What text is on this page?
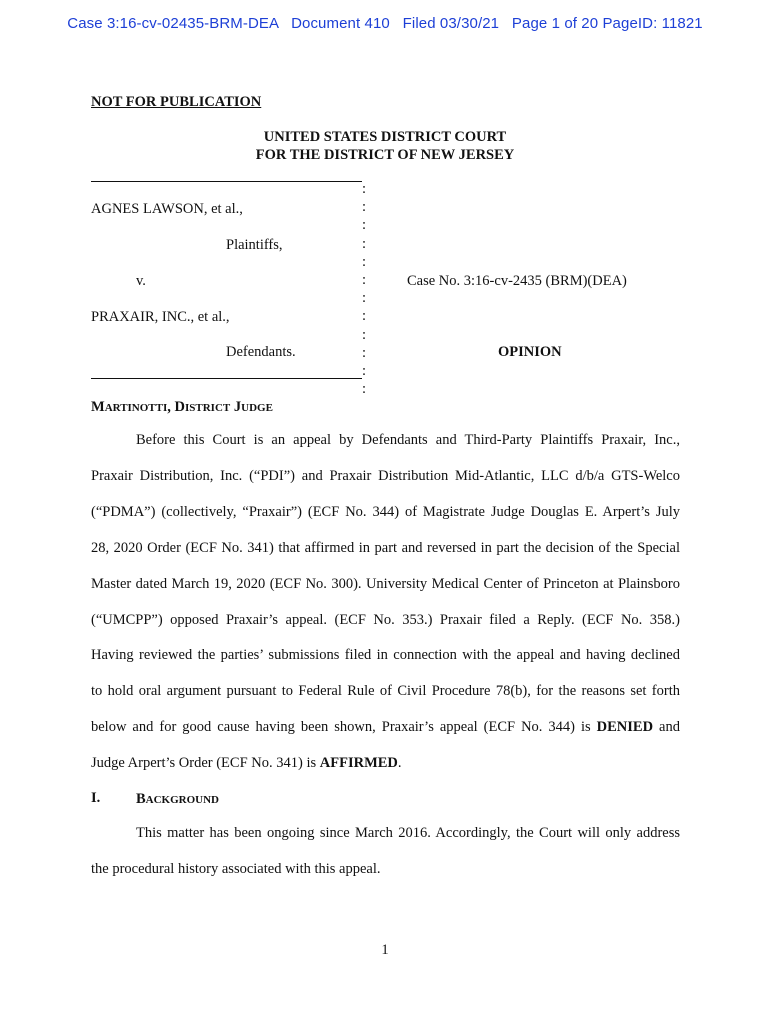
Case 3:16-cv-02435-BRM-DEA   Document 410   Filed 03/30/21   Page 1 of 20 PageID: 11821
NOT FOR PUBLICATION
UNITED STATES DISTRICT COURT
FOR THE DISTRICT OF NEW JERSEY
:
:
:
:
:
:
:
:
:
:
:
:
AGNES LAWSON, et al.,
Plaintiffs,
v.
PRAXAIR, INC., et al.,
Defendants.
Case No. 3:16-cv-2435 (BRM)(DEA)
OPINION
MARTINOTTI, DISTRICT JUDGE
Before this Court is an appeal by Defendants and Third-Party Plaintiffs Praxair, Inc.,
Praxair Distribution, Inc. (“PDI”) and Praxair Distribution Mid-Atlantic, LLC d/b/a GTS-Welco
(“PDMA”) (collectively, “Praxair”) (ECF No. 344) of Magistrate Judge Douglas E. Arpert’s July
28, 2020 Order (ECF No. 341) that affirmed in part and reversed in part the decision of the Special
Master dated March 19, 2020 (ECF No. 300). University Medical Center of Princeton at Plainsboro
(“UMCPP”) opposed Praxair’s appeal. (ECF No. 353.) Praxair filed a Reply. (ECF No. 358.)
Having reviewed the parties’ submissions filed in connection with the appeal and having declined
to hold oral argument pursuant to Federal Rule of Civil Procedure 78(b), for the reasons set forth
below and for good cause having been shown, Praxair’s appeal (ECF No. 344) is DENIED and
Judge Arpert’s Order (ECF No. 341) is AFFIRMED.
I. BACKGROUND
This matter has been ongoing since March 2016. Accordingly, the Court will only address
the procedural history associated with this appeal.
1
